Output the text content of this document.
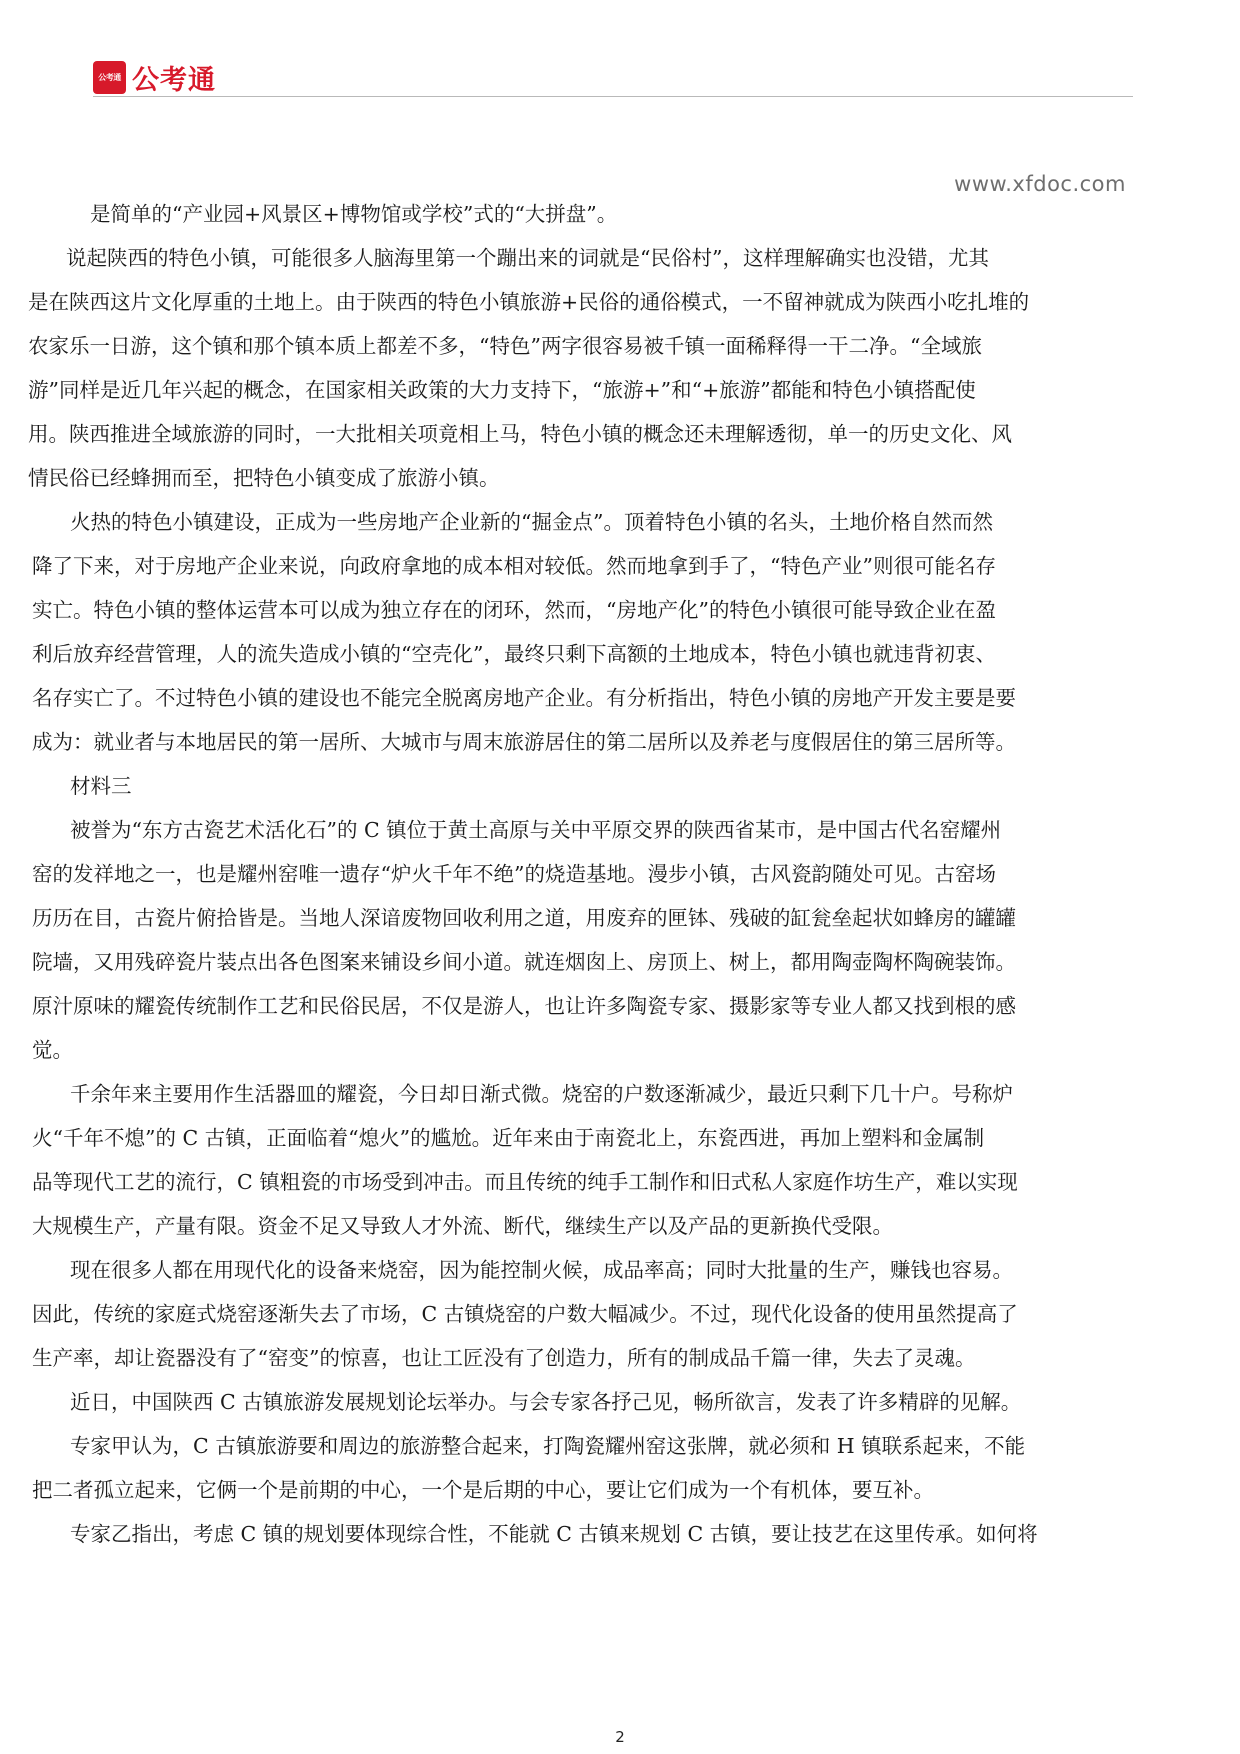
公考通 公考通
www.xfdoc.com
是简单的“产业园+风景区+博物馆或学校”式的“大拼盘”。
说起陕西的特色小镇，可能很多人脑海里第一个蹦出来的词就是“民俗村”，这样理解确实也没错，尤其
是在陕西这片文化厚重的土地上。由于陕西的特色小镇旅游+民俗的通俗模式，一不留神就成为陕西小吃扎堆的
农家乐一日游，这个镇和那个镇本质上都差不多，“特色”两字很容易被千镇一面稀释得一干二净。“全域旅
游”同样是近几年兴起的概念，在国家相关政策的大力支持下，“旅游+”和“+旅游”都能和特色小镇搭配使
用。陕西推进全域旅游的同时，一大批相关项竟相上马，特色小镇的概念还未理解透彻，单一的历史文化、风
情民俗已经蜂拥而至，把特色小镇变成了旅游小镇。
火热的特色小镇建设，正成为一些房地产企业新的“掘金点”。顶着特色小镇的名头，土地价格自然而然
降了下来，对于房地产企业来说，向政府拿地的成本相对较低。然而地拿到手了，“特色产业”则很可能名存
实亡。特色小镇的整体运营本可以成为独立存在的闭环，然而，“房地产化”的特色小镇很可能导致企业在盈
利后放弃经营管理，人的流失造成小镇的“空壳化”，最终只剩下高额的土地成本，特色小镇也就违背初衷、
名存实亡了。不过特色小镇的建设也不能完全脱离房地产企业。有分析指出，特色小镇的房地产开发主要是要
成为：就业者与本地居民的第一居所、大城市与周末旅游居住的第二居所以及养老与度假居住的第三居所等。
材料三
被誉为“东方古瓷艺术活化石”的 C 镇位于黄土高原与关中平原交界的陕西省某市，是中国古代名窑耀州
窑的发祥地之一，也是耀州窑唯一遗存“炉火千年不绝”的烧造基地。漫步小镇，古风瓷韵随处可见。古窑场
历历在目，古瓷片俯拾皆是。当地人深谙废物回收利用之道，用废弃的匣钵、残破的缸瓮垒起状如蜂房的罐罐
院墙，又用残碎瓷片装点出各色图案来铺设乡间小道。就连烟囱上、房顶上、树上，都用陶壶陶杯陶碗装饰。
原汁原味的耀瓷传统制作工艺和民俗民居，不仅是游人，也让许多陶瓷专家、摄影家等专业人都又找到根的感
觉。
千余年来主要用作生活器皿的耀瓷，今日却日渐式微。烧窑的户数逐渐减少，最近只剩下几十户。号称炉
火“千年不熄”的 C 古镇，正面临着“熄火”的尴尬。近年来由于南瓷北上，东瓷西进，再加上塑料和金属制
品等现代工艺的流行，C 镇粗瓷的市场受到冲击。而且传统的纯手工制作和旧式私人家庭作坊生产，难以实现
大规模生产，产量有限。资金不足又导致人才外流、断代，继续生产以及产品的更新换代受限。
现在很多人都在用现代化的设备来烧窑，因为能控制火候，成品率高；同时大批量的生产，赚钱也容易。
因此，传统的家庭式烧窑逐渐失去了市场，C 古镇烧窑的户数大幅减少。不过，现代化设备的使用虽然提高了
生产率，却让瓷器没有了“窑变”的惊喜，也让工匠没有了创造力，所有的制成品千篇一律，失去了灵魂。
近日，中国陕西 C 古镇旅游发展规划论坛举办。与会专家各抒己见，畅所欲言，发表了许多精辟的见解。
专家甲认为，C 古镇旅游要和周边的旅游整合起来，打陶瓷耀州窑这张牌，就必须和 H 镇联系起来，不能
把二者孤立起来，它俩一个是前期的中心，一个是后期的中心，要让它们成为一个有机体，要互补。
专家乙指出，考虑 C 镇的规划要体现综合性，不能就 C 古镇来规划 C 古镇，要让技艺在这里传承。如何将
2
